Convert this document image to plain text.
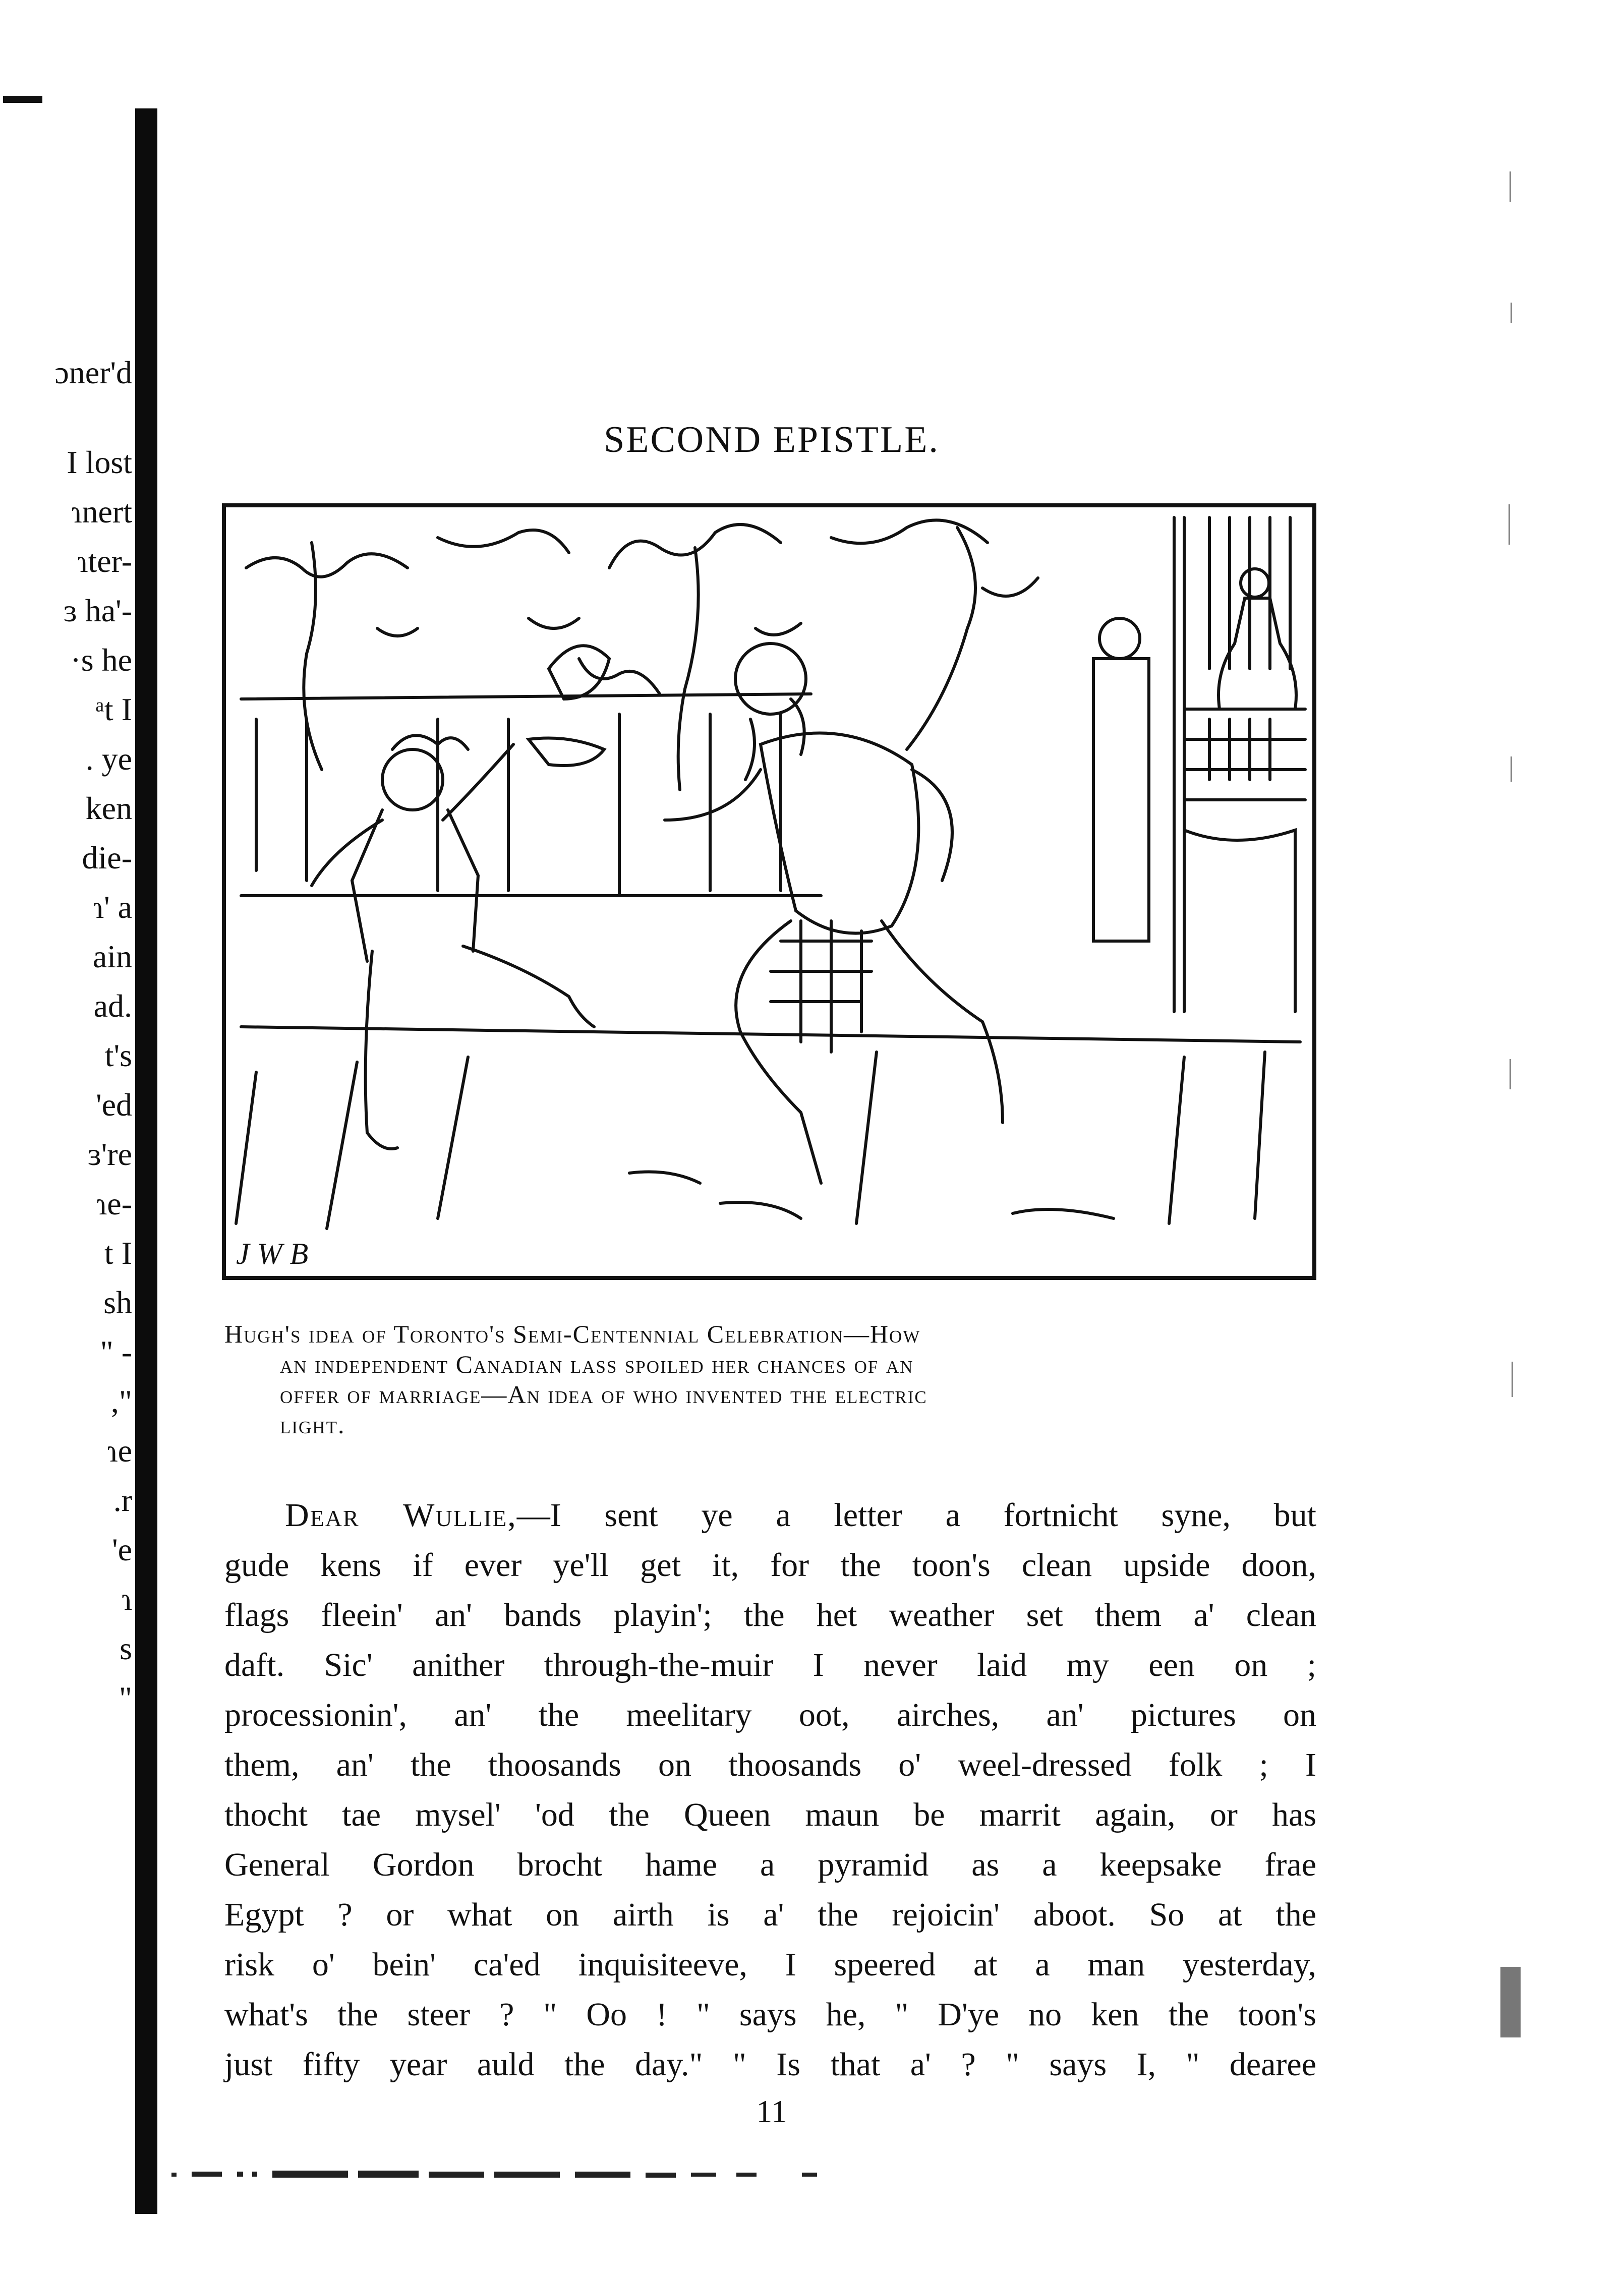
ɔner'd
I lost
ɿnert
ɿter-
ɜ ha'-
·s he
ᵃt I
. ye
ken
die-
ɿ' a
ain
ad.
t's
'ed
ɜ're
ɿe-
t I
sh
" -
,"
ɿe
.r
'e
ɿ
s
"
SECOND EPISTLE.
J W B
Hugh's idea of Toronto's Semi-Centennial Celebration—How
an independent Canadian lass spoiled her chances of an
offer of marriage—An idea of who invented the electric
light.
Dear Wullie,—I sent ye a letter a fortnicht syne, but
gude kens if ever ye'll get it, for the toon's clean upside doon,
flags fleein' an' bands playin'; the het weather set them a' clean
daft. Sic' anither through-the-muir I never laid my een on ;
processionin', an' the meelitary oot, airches, an' pictures on
them, an' the thoosands on thoosands o' weel-dressed folk ; I
thocht tae mysel' 'od the Queen maun be marrit again, or has
General Gordon brocht hame a pyramid as a keepsake frae
Egypt ? or what on airth is a' the rejoicin' aboot. So at the
risk o' bein' ca'ed inquisiteeve, I speered at a man yesterday,
what's the steer ? " Oo ! " says he, " D'ye no ken the toon's
just fifty year auld the day." " Is that a' ? " says I, " dearee
11
